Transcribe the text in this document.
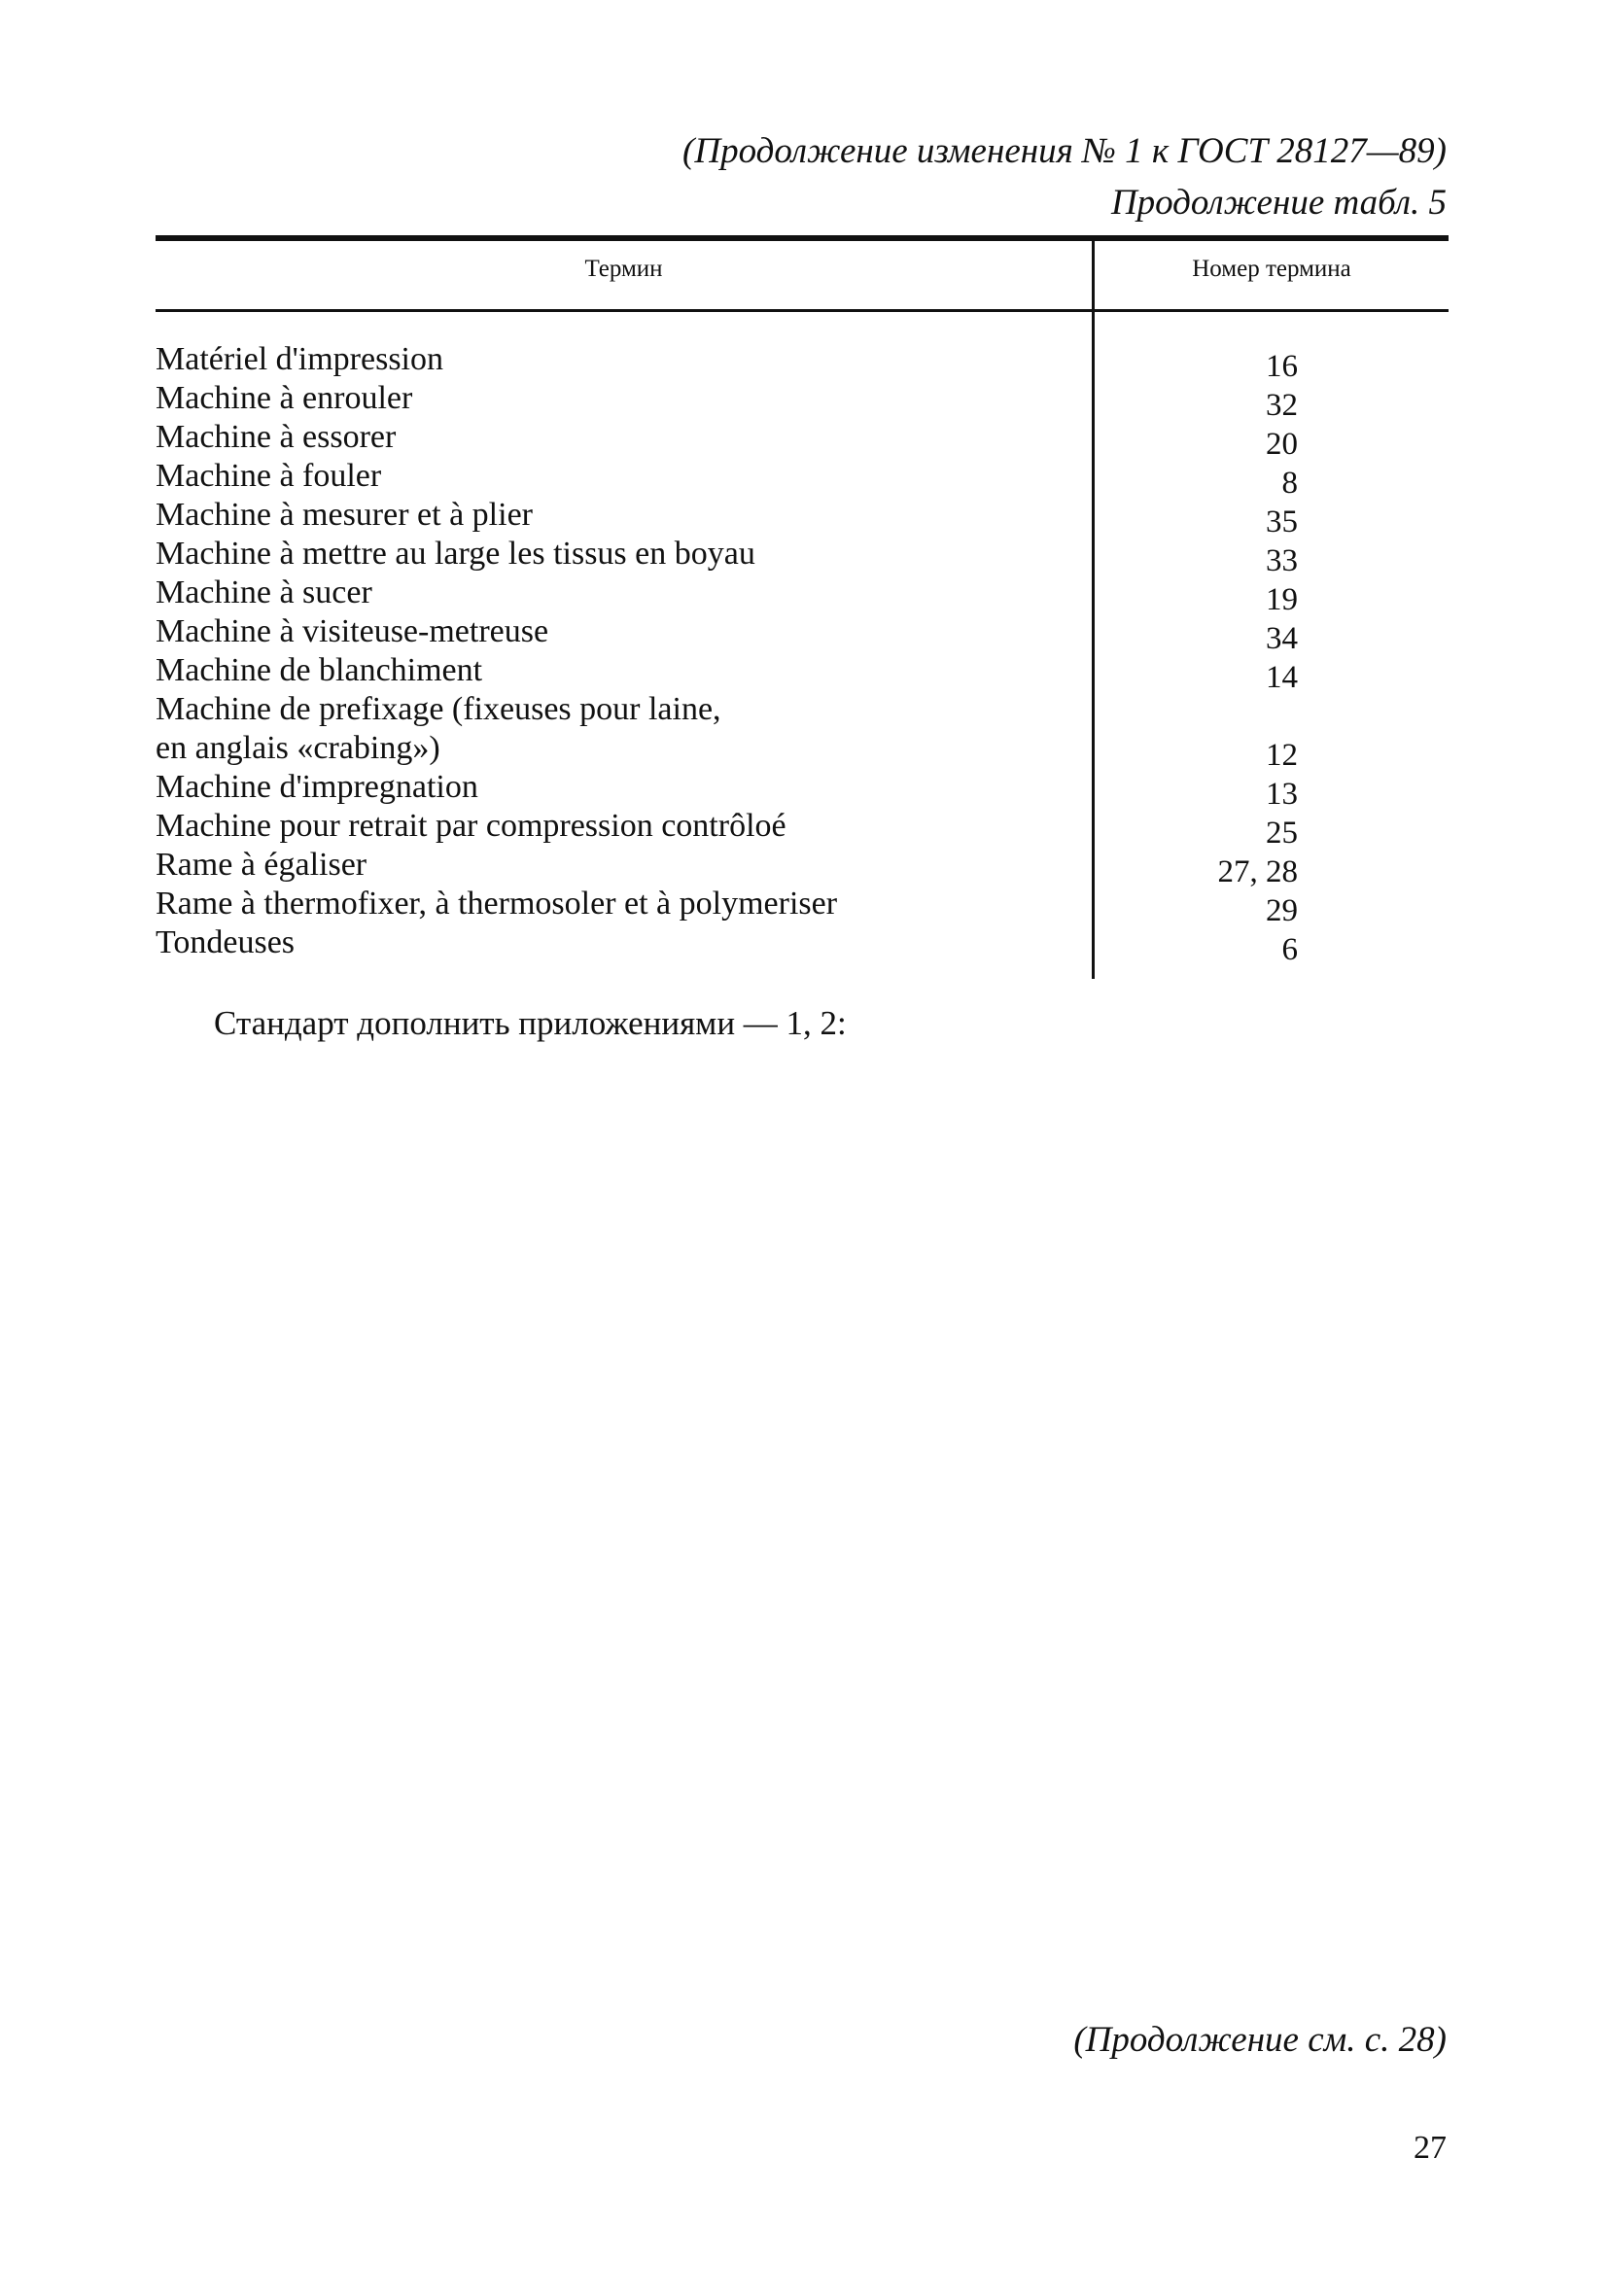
(Продолжение изменения № 1 к ГОСТ 28127—89)
Продолжение табл. 5
Термин	Номер термина
Matériel d'impression
Machine à enrouler
Machine à essorer
Machine à fouler
Machine à mesurer et à plier
Machine à mettre au large les tissus en boyau
Machine à sucer
Machine à visiteuse-metreuse
Machine de blanchiment
Machine de prefixage (fixeuses pour laine,
en anglais «crabing»)
Machine d'impregnation
Machine pour retrait par compression contrôloé
Rame à égaliser
Rame à thermofixer, à thermosoler et à polymeriser
Tondeuses
16
32
20
8
35
33
19
34
14
12
13
25
27, 28
29
6
Стандарт дополнить приложениями — 1, 2:
(Продолжение см. с. 28)
27
